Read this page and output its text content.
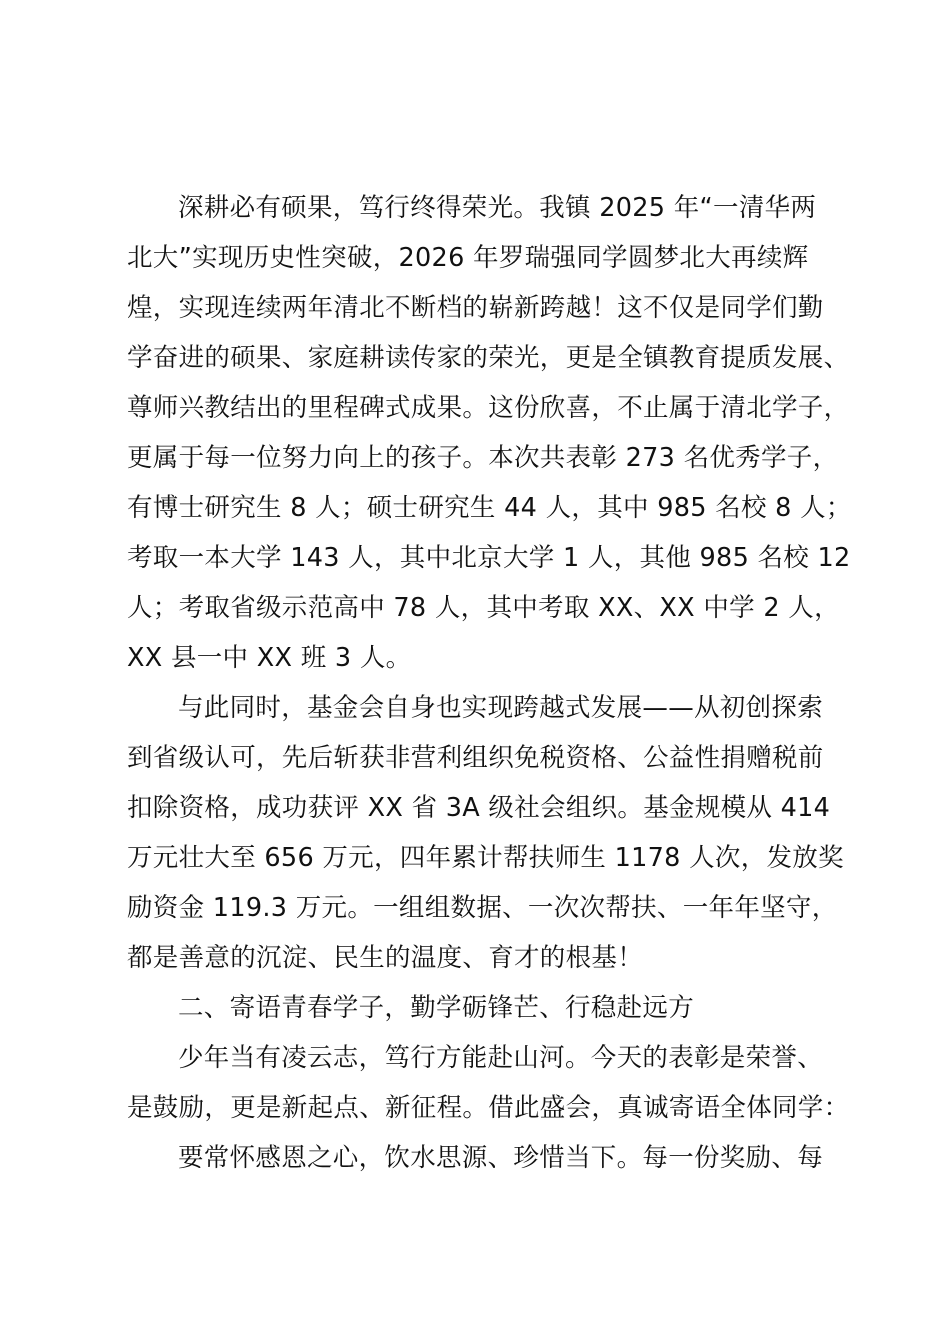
深耕必有硕果，笃行终得荣光。我镇 2025 年“一清华两

北大”实现历史性突破，2026 年罗瑞强同学圆梦北大再续辉

煌，实现连续两年清北不断档的崭新跨越！这不仅是同学们勤

学奋进的硕果、家庭耕读传家的荣光，更是全镇教育提质发展、

尊师兴教结出的里程碑式成果。这份欣喜，不止属于清北学子，

更属于每一位努力向上的孩子。本次共表彰 273 名优秀学子，

有博士研究生 8 人；硕士研究生 44 人，其中 985 名校 8 人；

考取一本大学 143 人，其中北京大学 1 人，其他 985 名校 12

人；考取省级示范高中 78 人，其中考取 XX、XX 中学 2 人，

XX 县一中 XX 班 3 人。

与此同时，基金会自身也实现跨越式发展——从初创探索

到省级认可，先后斩获非营利组织免税资格、公益性捐赠税前

扣除资格，成功获评 XX 省 3A 级社会组织。基金规模从 414

万元壮大至 656 万元，四年累计帮扶师生 1178 人次，发放奖

励资金 119.3 万元。一组组数据、一次次帮扶、一年年坚守，

都是善意的沉淀、民生的温度、育才的根基！

二、寄语青春学子，勤学砺锋芒、行稳赴远方

少年当有凌云志，笃行方能赴山河。今天的表彰是荣誉、

是鼓励，更是新起点、新征程。借此盛会，真诚寄语全体同学：

要常怀感恩之心，饮水思源、珍惜当下。每一份奖励、每
